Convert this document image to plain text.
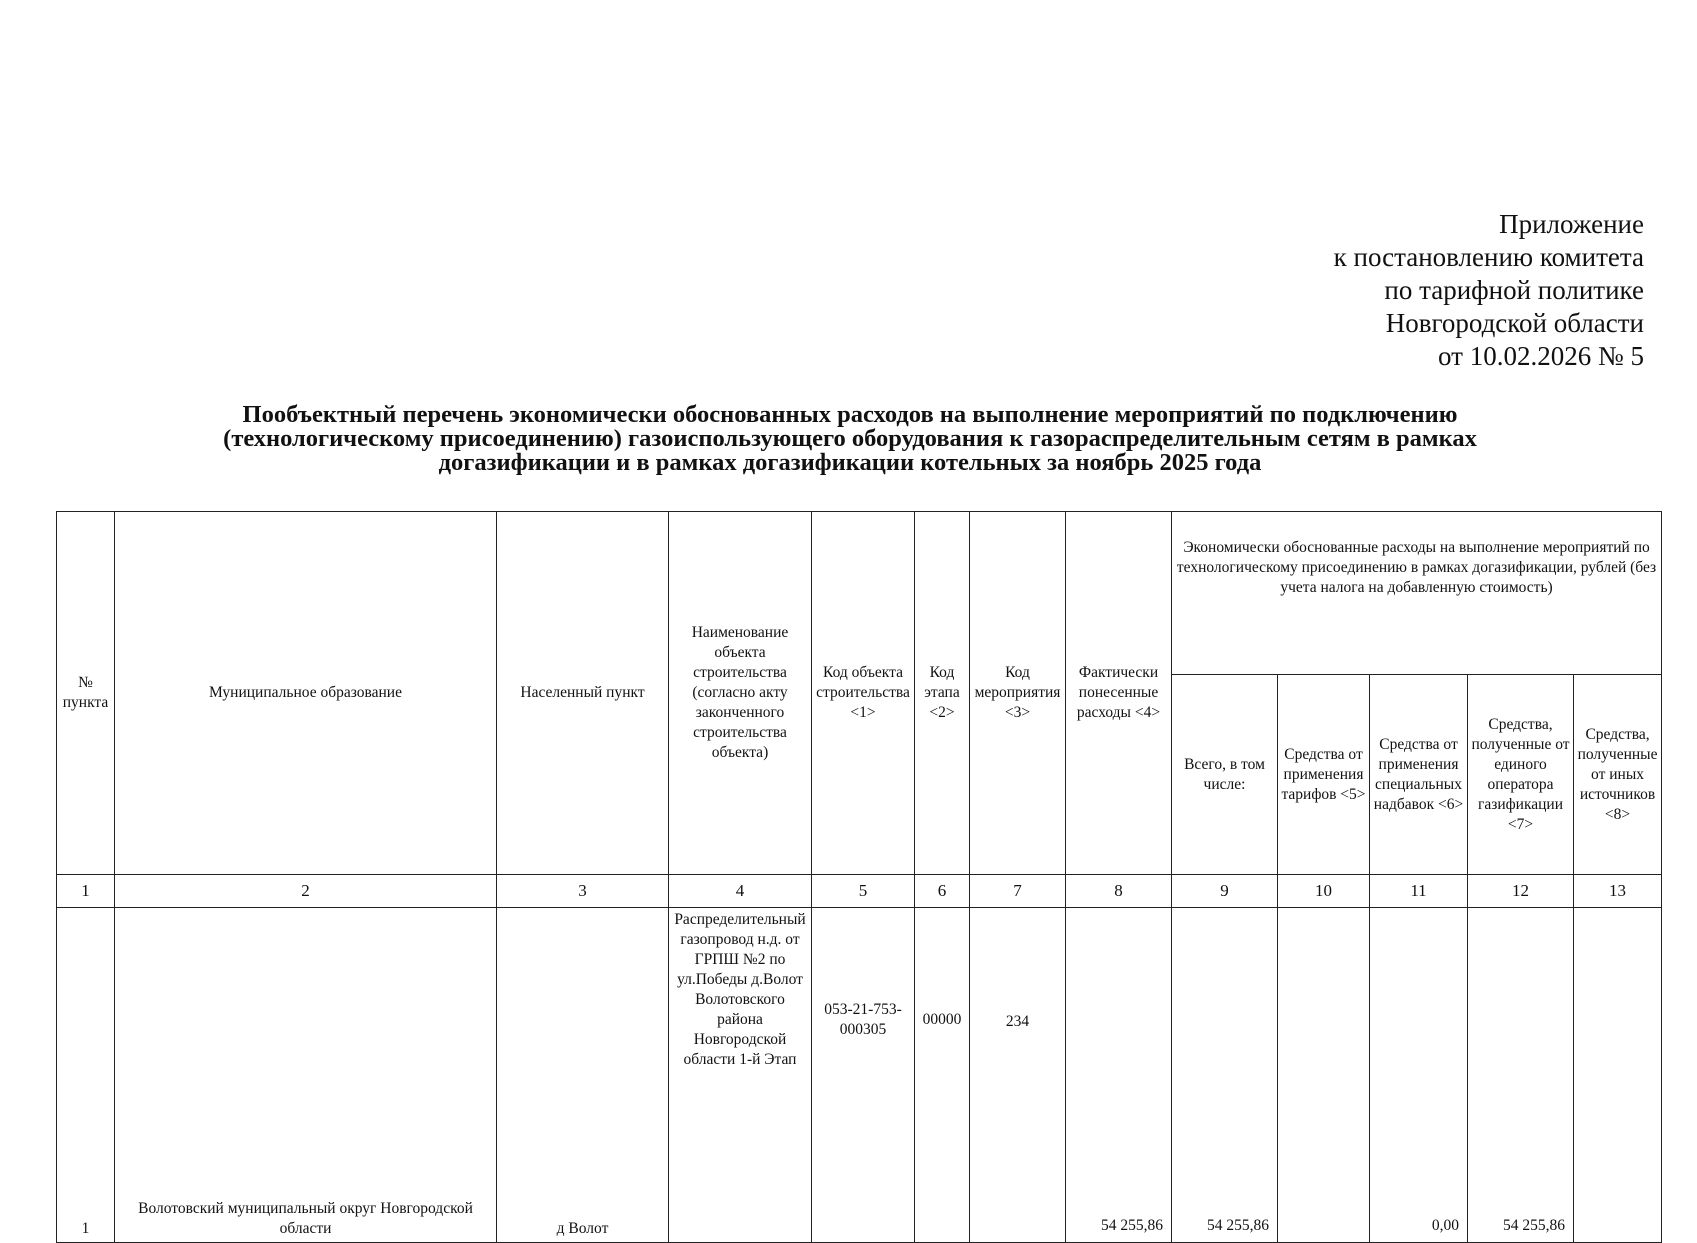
Приложение
к постановлению комитета
по тарифной политике
Новгородской области
от 10.02.2026 № 5
Пообъектный перечень экономически обоснованных расходов на выполнение мероприятий по подключению
(технологическому присоединению) газоиспользующего оборудования к газораспределительным сетям в рамках
догазификации и в рамках догазификации котельных за ноябрь 2025 года
№ пункта	Муниципальное образование	Населенный пункт	Наименование объекта строительства (согласно акту законченного строительства объекта)	Код объекта строительства <1>	Код этапа <2>	Код мероприятия <3>	Фактически понесенные расходы <4>	Экономически обоснованные расходы на выполнение мероприятий по технологическому присоединению в рамках догазификации, рублей (без учета налога на добавленную стоимость)				
								Всего, в том числе:	Средства от применения тарифов <5>	Средства от применения специальных надбавок <6>	Средства, полученные от единого оператора газификации <7>	Средства, полученные от иных источников <8>
1	2	3	4	5	6	7	8	9	10	11	12	13
1	Волотовский муниципальный округ Новгородской области	д Волот	Распределительный газопровод н.д. от ГРПШ №2 по ул.Победы д.Волот Волотовского района Новгородской области 1-й Этап	053-21-753-000305	00000	234	54 255,86	54 255,86		0,00	54 255,86	
